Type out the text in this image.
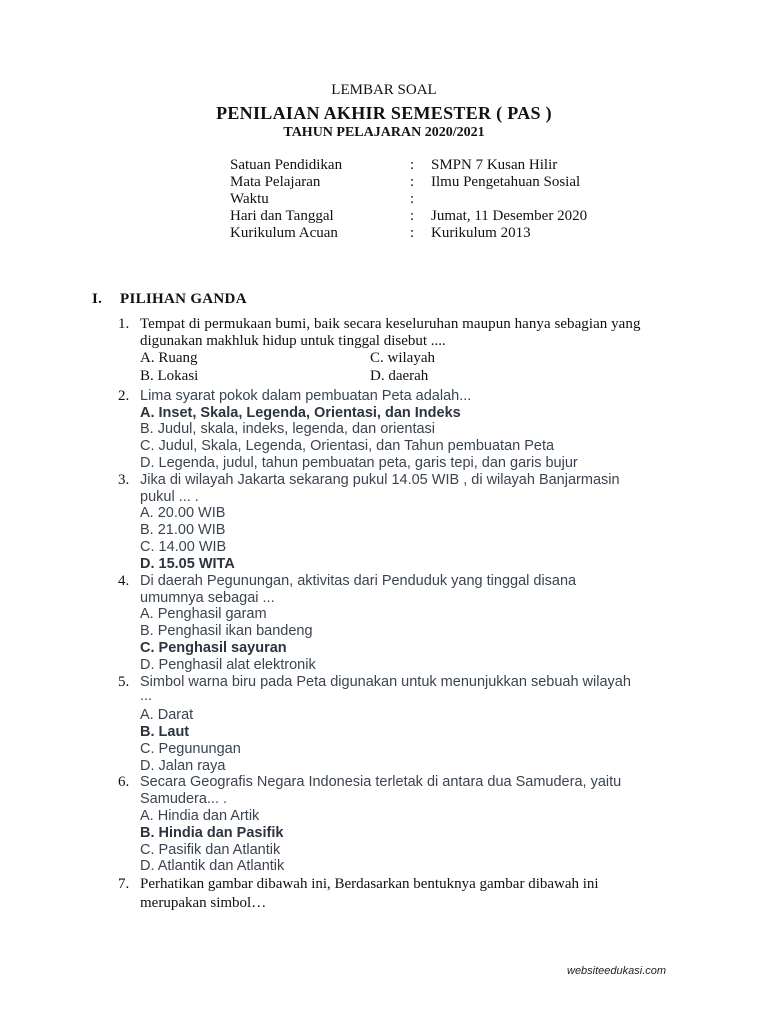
LEMBAR SOAL
PENILAIAN AKHIR SEMESTER ( PAS )
TAHUN PELAJARAN 2020/2021
Satuan Pendidikan	: SMPN 7 Kusan Hilir
Mata Pelajaran	: Ilmu Pengetahuan Sosial
Waktu	:
Hari dan Tanggal	: Jumat, 11 Desember 2020
Kurikulum Acuan	: Kurikulum 2013
I. PILIHAN GANDA
1. Tempat di permukaan bumi, baik secara keseluruhan maupun hanya sebagian yang
digunakan makhluk hidup untuk tinggal disebut ....
A. Ruang	C. wilayah
B. Lokasi	D. daerah
2. Lima syarat pokok dalam pembuatan Peta adalah...
A. Inset, Skala, Legenda, Orientasi, dan Indeks
B. Judul, skala, indeks, legenda, dan orientasi
C. Judul, Skala, Legenda, Orientasi, dan Tahun pembuatan Peta
D. Legenda, judul, tahun pembuatan peta, garis tepi, dan garis bujur
3. Jika di wilayah Jakarta sekarang pukul 14.05 WIB , di wilayah Banjarmasin
pukul ... .
A. 20.00 WIB
B. 21.00 WIB
C. 14.00 WIB
D. 15.05 WITA
4. Di daerah Pegunungan, aktivitas dari Penduduk yang tinggal disana
umumnya sebagai ...
A. Penghasil garam
B. Penghasil ikan bandeng
C. Penghasil sayuran
D. Penghasil alat elektronik
5. Simbol warna biru pada Peta digunakan untuk menunjukkan sebuah wilayah
...
A. Darat
B. Laut
C. Pegunungan
D. Jalan raya
6. Secara Geografis Negara Indonesia terletak di antara dua Samudera, yaitu
Samudera... .
A. Hindia dan Artik
B. Hindia dan Pasifik
C. Pasifik dan Atlantik
D. Atlantik dan Atlantik
7. Perhatikan gambar dibawah ini, Berdasarkan bentuknya gambar dibawah ini
merupakan simbol…
websiteedukasi.com
